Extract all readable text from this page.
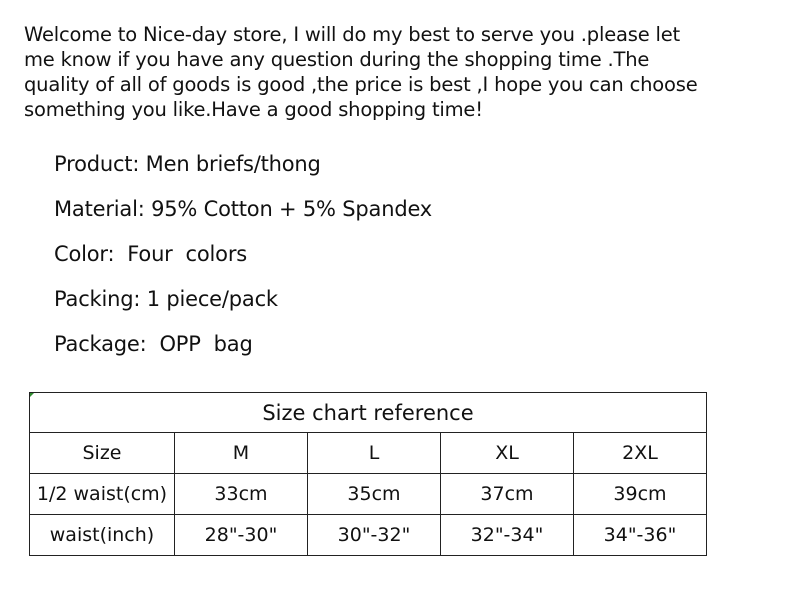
Welcome to Nice-day store, I will do my best to serve you .please let
me know if you have any question during the shopping time .The
quality of all of goods is good ,the price is best ,I hope you can choose
something you like.Have a good shopping time!

Product: Men briefs/thong
Material: 95% Cotton + 5% Spandex
Color:  Four  colors
Packing: 1 piece/pack
Package:  OPP  bag
Size chart reference				
Size	M	L	XL	2XL
1/2 waist(cm)	33cm	35cm	37cm	39cm
waist(inch)	28"-30"	30"-32"	32"-34"	34"-36"
